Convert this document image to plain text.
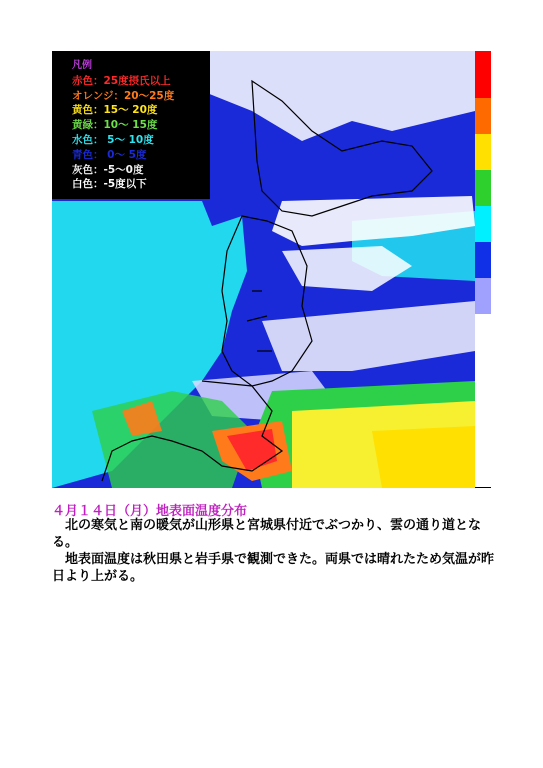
凡例
赤色：25度摂氏以上
オレンジ：20～25度
黄色：15～ 20度
黄緑：10～ 15度
水色： 5～ 10度
青色： 0～ 5度
灰色：-5～0度
白色：-5度以下
４月１４日（月）地表面温度分布
北の寒気と南の暖気が山形県と宮城県付近でぶつかり、雲の通り道となる。
地表面温度は秋田県と岩手県で観測できた。両県では晴れたため気温が昨日より上がる。
